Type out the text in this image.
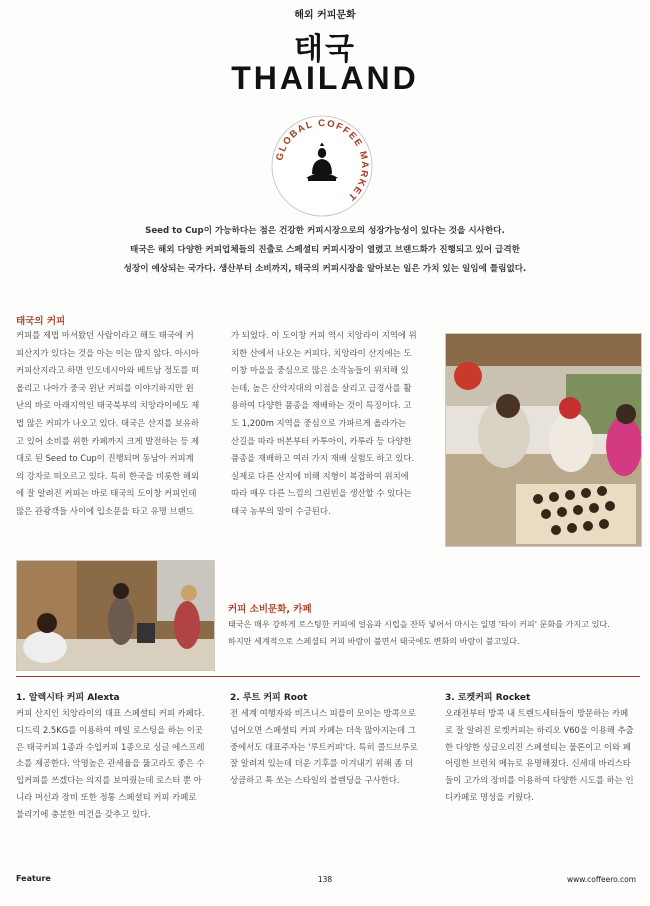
해외 커피문화
태국
THAILAND
GLOBAL COFFEE MARKET
Seed to Cup이 가능하다는 점은 건강한 커피시장으로의 성장가능성이 있다는 것을 시사한다.
태국은 해외 다양한 커피업체들의 진출로 스페셜티 커피시장이 열렸고 브랜드화가 진행되고 있어 급격한
성장이 예상되는 국가다. 생산부터 소비까지, 태국의 커피시장을 알아보는 일은 가치 있는 일임에 틀림없다.
태국의 커피
커피를 제법 마셔왔던 사람이라고 해도 태국에 커
피산지가 있다는 것을 아는 이는 많지 않다. 아시아
커피산지라고 하면 인도네시아와 베트남 정도를 떠
올리고 나아가 중국 윈난 커피를 이야기하지만 윈
난의 바로 아래지역인 태국북부의 치앙라이에도 제
법 많은 커피가 나오고 있다. 태국은 산지를 보유하
고 있어 소비를 위한 카페까지 크게 발전하는 등 제
대로 된 Seed to Cup이 진행되며 동남아 커피계
의 강자로 떠오르고 있다. 특히 한국을 비롯한 해외
에 잘 알려진 커피는 바로 태국의 도이창 커피인데
많은 관광객들 사이에 입소문을 타고 유명 브랜드
가 되었다. 이 도이창 커피 역시 치앙라이 지역에 위
치한 산에서 나오는 커피다. 치앙라이 산지에는 도
이창 마을을 중심으로 많은 소작농들이 위치해 있
는데, 높은 산악지대의 이점을 살리고 급경사를 활
용하여 다양한 품종을 재배하는 것이 특징이다. 고
도 1,200m 지역을 중심으로 가파르게 올라가는
산길을 따라 버본부터 카투아이, 카투라 등 다양한
품종을 재배하고 여러 가지 재배 실험도 하고 있다.
실제로 다른 산지에 비해 지형이 복잡하여 위치에
따라 매우 다른 느낌의 그린빈을 생산할 수 있다는
태국 농부의 말이 수긍된다.
커피 소비문화, 카페
태국은 매우 강하게 로스팅한 커피에 얼음과 시럽을 잔뜩 넣어서 마시는 일명 '타이 커피' 문화를 가지고 있다.
하지만 세계적으로 스페셜티 커피 바람이 불면서 태국에도 변화의 바람이 불고있다.
1. 알렉시타 커피 Alexta
커피 산지인 치앙라이의 대표 스페셜티 커피 카페다.
디드릭 2.5KG를 이용하여 매일 로스팅을 하는 이곳
은 태국커피 1종과 수입커피 1종으로 싱글 에스프레
소를 제공한다. 악명높은 관세율을 뚫고라도 좋은 수
입커피를 쓰겠다는 의지를 보여줬는데 로스터 뿐 아
니라 머신과 장비 또한 정통 스페셜티 커피 카페로
불리기에 충분한 여건을 갖추고 있다.
2. 루트 커피 Root
전 세계 여행자와 비즈니스 피플이 모이는 방콕으로
넘어오면 스페셜티 커피 카페는 더욱 많아지는데 그
중에서도 대표주자는 '루트커피'다. 특히 콜드브루로
잘 알려져 있는데 더운 기후를 이겨내기 위해 좀 더
상큼하고 톡 쏘는 스타일의 블렌딩을 구사한다.
3. 로켓커피 Rocket
오래전부터 방콕 내 트렌드세터들이 방문하는 카페
로 잘 알려진 로켓커피는 하리오 V60을 이용해 추출
한 다양한 싱글오리진 스페셜티는 물론이고 이와 페
어링한 브런치 메뉴로 유명해졌다. 신세대 바리스타
들이 고가의 장비를 이용하여 다양한 시도를 하는 인
디카페로 명성을 키웠다.
Feature	138	www.coffeero.com
